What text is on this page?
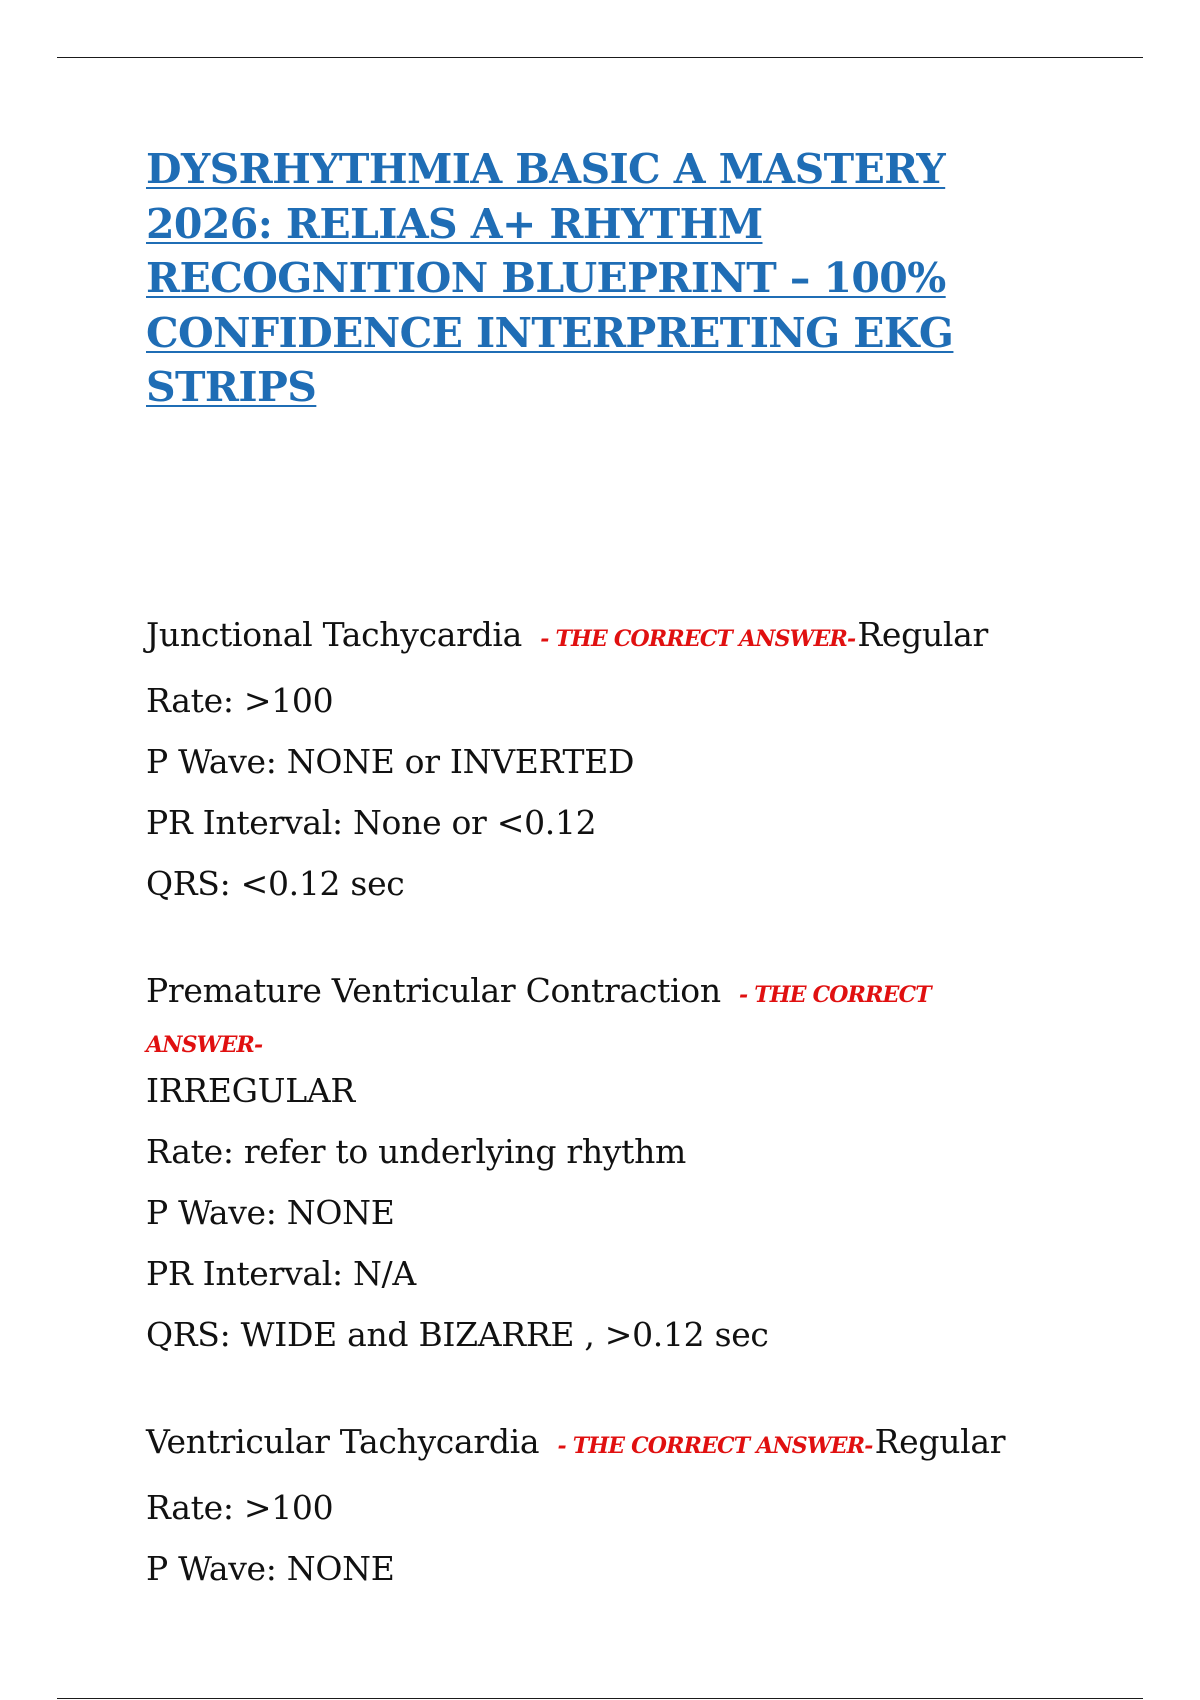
DYSRHYTHMIA BASIC A MASTERY 2026: RELIAS A+ RHYTHM RECOGNITION BLUEPRINT – 100% CONFIDENCE INTERPRETING EKG STRIPS
Junctional Tachycardia - THE CORRECT ANSWER-Regular
Rate: >100
P Wave: NONE or INVERTED
PR Interval: None or <0.12
QRS: <0.12 sec
Premature Ventricular Contraction - THE CORRECT ANSWER-
IRREGULAR
Rate: refer to underlying rhythm
P Wave: NONE
PR Interval: N/A
QRS: WIDE and BIZARRE , >0.12 sec
Ventricular Tachycardia - THE CORRECT ANSWER-Regular
Rate: >100
P Wave: NONE
